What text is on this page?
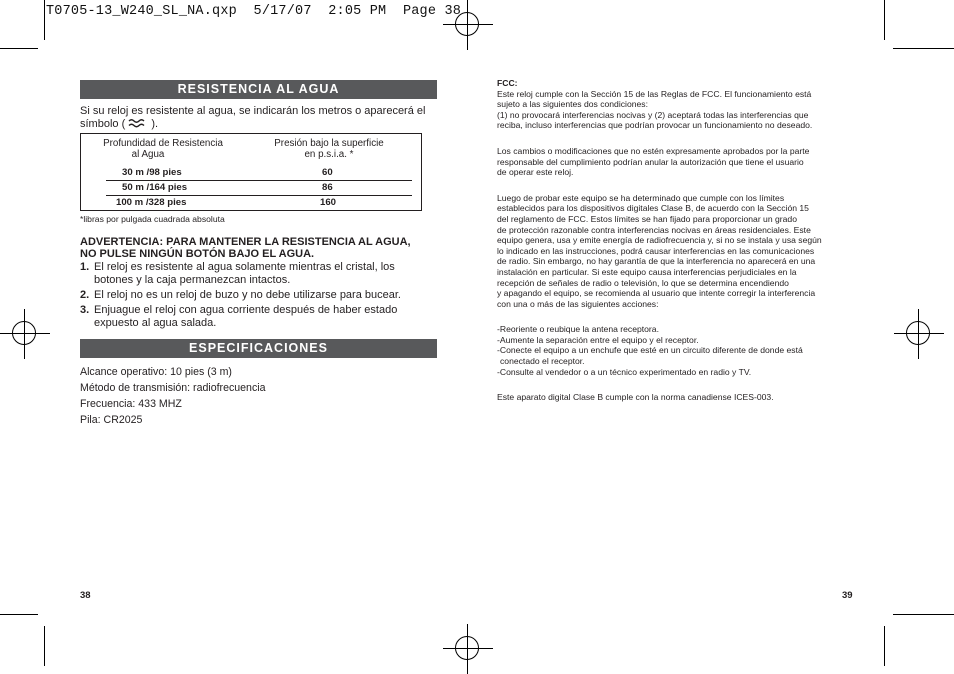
T0705-13_W240_SL_NA.qxp  5/17/07  2:05 PM  Page 38
RESISTENCIA AL AGUA
Si su reloj es resistente al agua, se indicarán los metros o aparecerá el
símbolo ( ).
Profundidad de Resistencia
al Agua
Presión bajo la superficie
en p.s.i.a. *
30 m /98 pies	60
50 m /164 pies	86
100 m /328 pies	160
*libras por pulgada cuadrada absoluta
ADVERTENCIA: PARA MANTENER LA RESISTENCIA AL AGUA,
NO PULSE NINGÚN BOTÓN BAJO EL AGUA.
1. El reloj es resistente al agua solamente mientras el cristal, los
botones y la caja permanezcan intactos.
2. El reloj no es un reloj de buzo y no debe utilizarse para bucear.
3. Enjuague el reloj con agua corriente después de haber estado
expuesto al agua salada.
ESPECIFICACIONES
Alcance operativo: 10 pies (3 m)
Método de transmisión: radiofrecuencia
Frecuencia: 433 MHZ
Pila: CR2025
38

FCC:

Este reloj cumple con la Sección 15 de las Reglas de FCC. El funcionamiento está

sujeto a las siguientes dos condiciones:

(1) no provocará interferencias nocivas y (2) aceptará todas las interferencias que

reciba, incluso interferencias que podrían provocar un funcionamiento no deseado.

Los cambios o modificaciones que no estén expresamente aprobados por la parte

responsable del cumplimiento podrían anular la autorización que tiene el usuario

de operar este reloj.

Luego de probar este equipo se ha determinado que cumple con los límites

establecidos para los dispositivos digitales Clase B, de acuerdo con la Sección 15

del reglamento de FCC. Estos límites se han fijado para proporcionar un grado

de protección razonable contra interferencias nocivas en áreas residenciales. Este

equipo genera, usa y emite energía de radiofrecuencia y, si no se instala y usa según

lo indicado en las instrucciones, podrá causar interferencias en las comunicaciones

de radio. Sin embargo, no hay garantía de que la interferencia no aparecerá en una

instalación en particular. Si este equipo causa interferencias perjudiciales en la

recepción de señales de radio o televisión, lo que se determina encendiendo

y apagando el equipo, se recomienda al usuario que intente corregir la interferencia

con una o más de las siguientes acciones:

-Reoriente o reubique la antena receptora.

-Aumente la separación entre el equipo y el receptor.

-Conecte el equipo a un enchufe que esté en un circuito diferente de donde está

conectado el receptor.

-Consulte al vendedor o a un técnico experimentado en radio y TV.

Este aparato digital Clase B cumple con la norma canadiense ICES-003.

39
